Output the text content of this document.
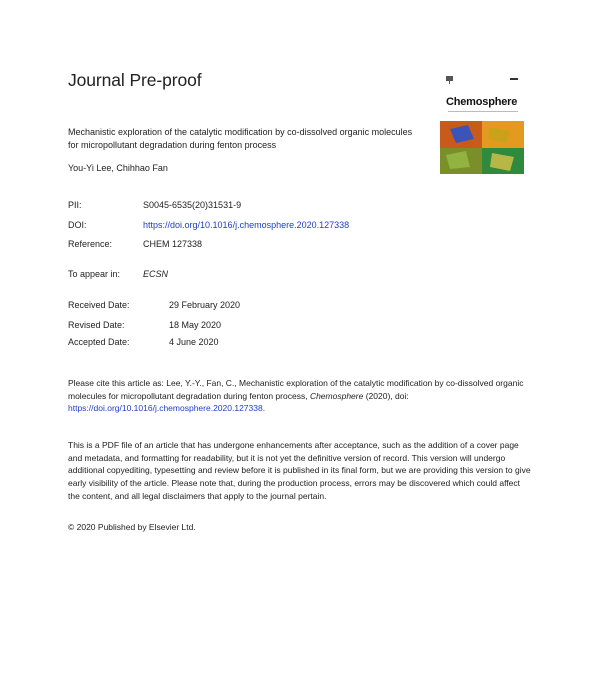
Journal Pre-proof
Chemosphere
Mechanistic exploration of the catalytic modification by co-dissolved organic molecules for micropollutant degradation during fenton process
You-Yi Lee, Chihhao Fan
PII:	S0045-6535(20)31531-9
DOI:	https://doi.org/10.1016/j.chemosphere.2020.127338
Reference:	CHEM 127338
To appear in:	ECSN
Received Date:	29 February 2020
Revised Date:	18 May 2020
Accepted Date:	4 June 2020
Please cite this article as: Lee, Y.-Y., Fan, C., Mechanistic exploration of the catalytic modification by co-dissolved organic molecules for micropollutant degradation during fenton process, Chemosphere (2020), doi: https://doi.org/10.1016/j.chemosphere.2020.127338.
This is a PDF file of an article that has undergone enhancements after acceptance, such as the addition of a cover page and metadata, and formatting for readability, but it is not yet the definitive version of record. This version will undergo additional copyediting, typesetting and review before it is published in its final form, but we are providing this version to give early visibility of the article. Please note that, during the production process, errors may be discovered which could affect the content, and all legal disclaimers that apply to the journal pertain.
© 2020 Published by Elsevier Ltd.
